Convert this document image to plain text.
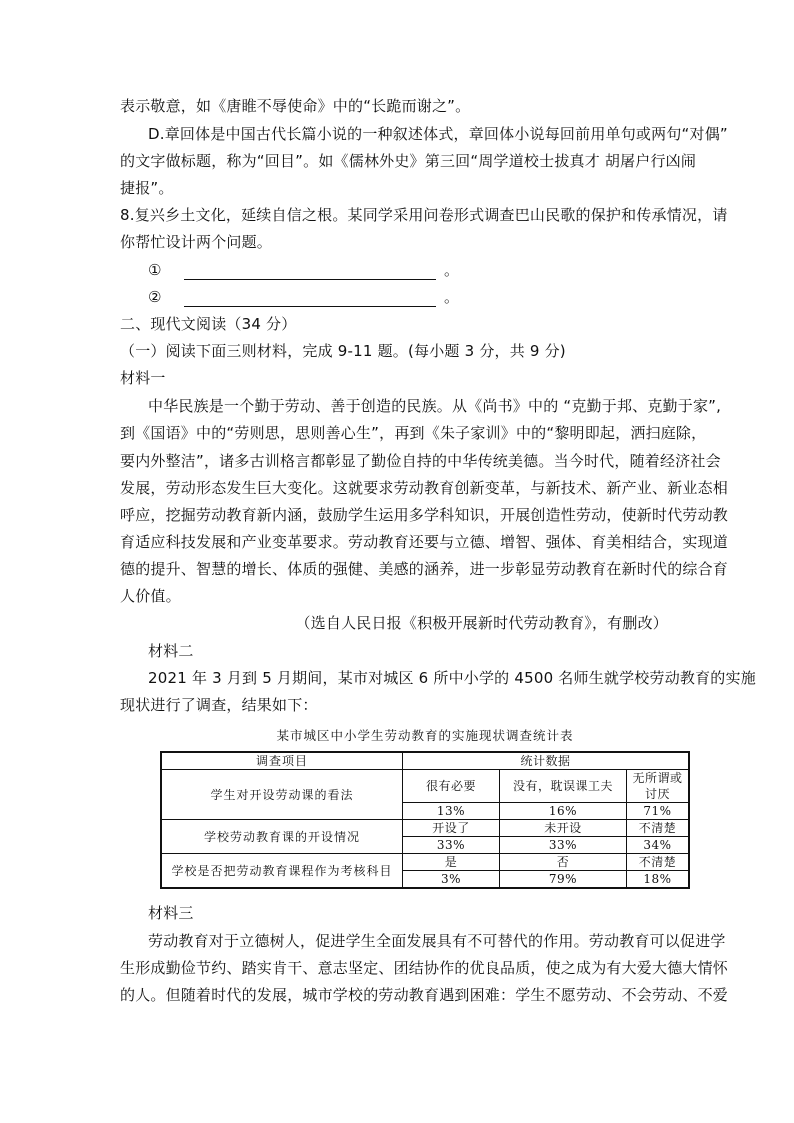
表示敬意，如《唐睢不辱使命》中的“长跪而谢之”。
D.章回体是中国古代长篇小说的一种叙述体式，章回体小说每回前用单句或两句“对偶”
的文字做标题，称为“回目”。如《儒林外史》第三回“周学道校士拔真才 胡屠户行凶闹
捷报”。
8.复兴乡土文化，延续自信之根。某同学采用问卷形式调查巴山民歌的保护和传承情况，请
你帮忙设计两个问题。
①	。
②	。
二、现代文阅读（34 分）
（一）阅读下面三则材料，完成 9-11 题。(每小题 3 分，共 9 分)
材料一
中华民族是一个勤于劳动、善于创造的民族。从《尚书》中的 “克勤于邦、克勤于家”,
到《国语》中的“劳则思，思则善心生”，再到《朱子家训》中的“黎明即起，洒扫庭除，
要内外整洁”，诸多古训格言都彰显了勤俭自持的中华传统美德。当今时代，随着经济社会
发展，劳动形态发生巨大变化。这就要求劳动教育创新变革，与新技术、新产业、新业态相
呼应，挖掘劳动教育新内涵，鼓励学生运用多学科知识，开展创造性劳动，使新时代劳动教
育适应科技发展和产业变革要求。劳动教育还要与立德、增智、强体、育美相结合，实现道
德的提升、智慧的增长、体质的强健、美感的涵养，进一步彰显劳动教育在新时代的综合育
人价值。
（选自人民日报《积极开展新时代劳动教育》，有删改）
材料二
2021 年 3 月到 5 月期间，某市对城区 6 所中小学的 4500 名师生就学校劳动教育的实施
现状进行了调查，结果如下：
某市城区中小学生劳动教育的实施现状调查统计表
调查项目	统计数据		
学生对开设劳动课的看法	很有必要	没有，耽误课工夫	无所谓或讨厌
	13%	16%	71%
学校劳动教育课的开设情况	开设了	未开设	不清楚
	33%	33%	34%
学校是否把劳动教育课程作为考核科目	是	否	不清楚
	3%	79%	18%
材料三
劳动教育对于立德树人，促进学生全面发展具有不可替代的作用。劳动教育可以促进学
生形成勤俭节约、踏实肯干、意志坚定、团结协作的优良品质，使之成为有大爱大德大情怀
的人。但随着时代的发展，城市学校的劳动教育遇到困难：学生不愿劳动、不会劳动、不爱
